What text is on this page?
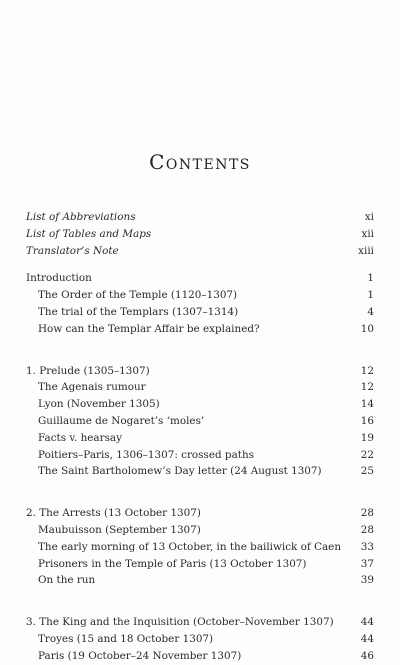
Contents
List of Abbreviations	xi
List of Tables and Maps	xii
Translator’s Note	xiii
Introduction	1
The Order of the Temple (1120–1307)	1
The trial of the Templars (1307–1314)	4
How can the Templar Affair be explained?	10
1. Prelude (1305–1307)	12
The Agenais rumour	12
Lyon (November 1305)	14
Guillaume de Nogaret’s ‘moles’	16
Facts v. hearsay	19
Poitiers–Paris, 1306–1307: crossed paths	22
The Saint Bartholomew’s Day letter (24 August 1307)	25
2. The Arrests (13 October 1307)	28
Maubuisson (September 1307)	28
The early morning of 13 October, in the bailiwick of Caen	33
Prisoners in the Temple of Paris (13 October 1307)	37
On the run	39
3. The King and the Inquisition (October–November 1307)	44
Troyes (15 and 18 October 1307)	44
Paris (19 October–24 November 1307)	46
